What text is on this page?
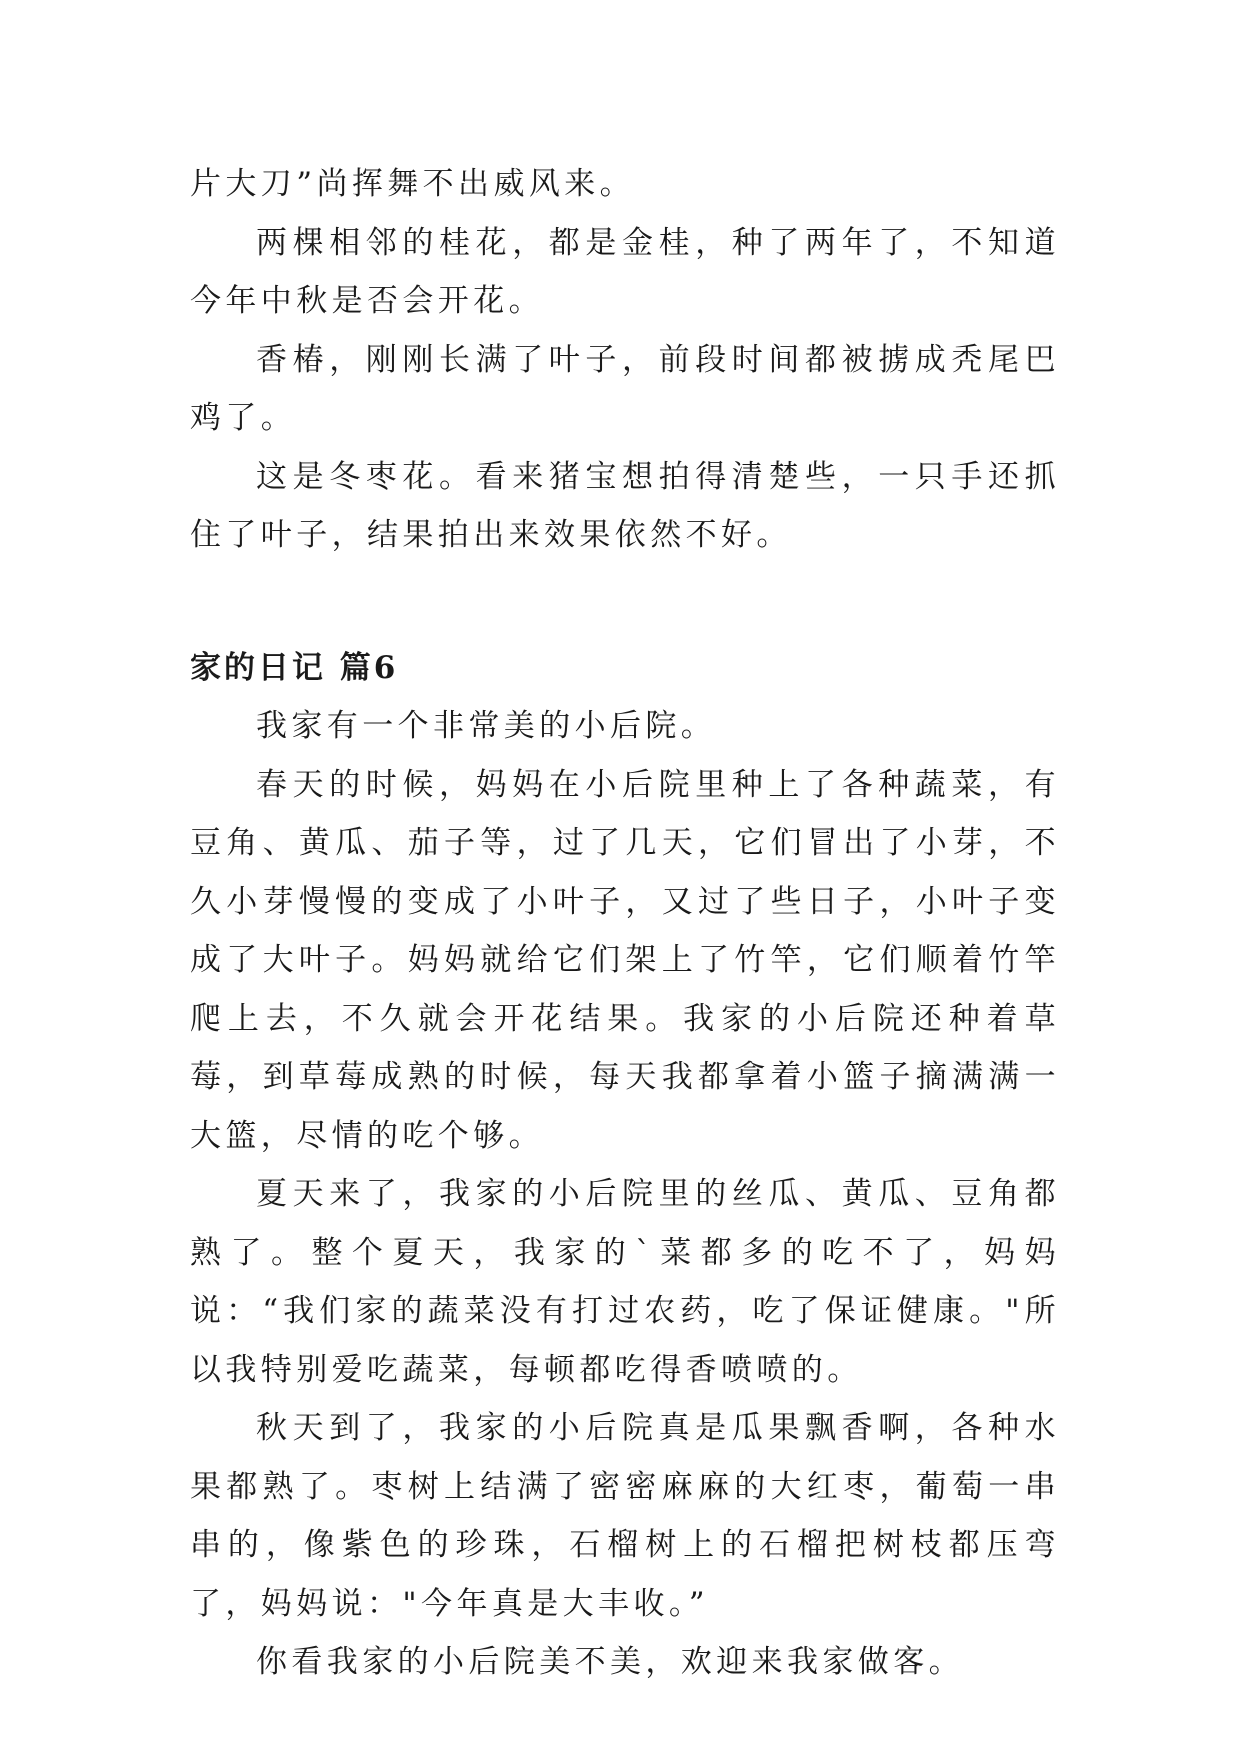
片大刀”尚挥舞不出威风来。

两棵相邻的桂花，都是金桂，种了两年了，不知道今年中秋是否会开花。

香椿，刚刚长满了叶子，前段时间都被掳成秃尾巴鸡了。

这是冬枣花。看来猪宝想拍得清楚些，一只手还抓住了叶子，结果拍出来效果依然不好。

家的日记 篇6

我家有一个非常美的小后院。

春天的时候，妈妈在小后院里种上了各种蔬菜，有豆角、黄瓜、茄子等，过了几天，它们冒出了小芽，不久小芽慢慢的变成了小叶子，又过了些日子，小叶子变成了大叶子。妈妈就给它们架上了竹竿，它们顺着竹竿爬上去，不久就会开花结果。我家的小后院还种着草莓，到草莓成熟的时候，每天我都拿着小篮子摘满满一大篮，尽情的吃个够。

夏天来了，我家的小后院里的丝瓜、黄瓜、豆角都熟了。整个夏天，我家的`菜都多的吃不了，妈妈说：“我们家的蔬菜没有打过农药，吃了保证健康。"所以我特别爱吃蔬菜，每顿都吃得香喷喷的。

秋天到了，我家的小后院真是瓜果飘香啊，各种水果都熟了。枣树上结满了密密麻麻的大红枣，葡萄一串串的，像紫色的珍珠，石榴树上的石榴把树枝都压弯了，妈妈说："今年真是大丰收。”

你看我家的小后院美不美，欢迎来我家做客。
